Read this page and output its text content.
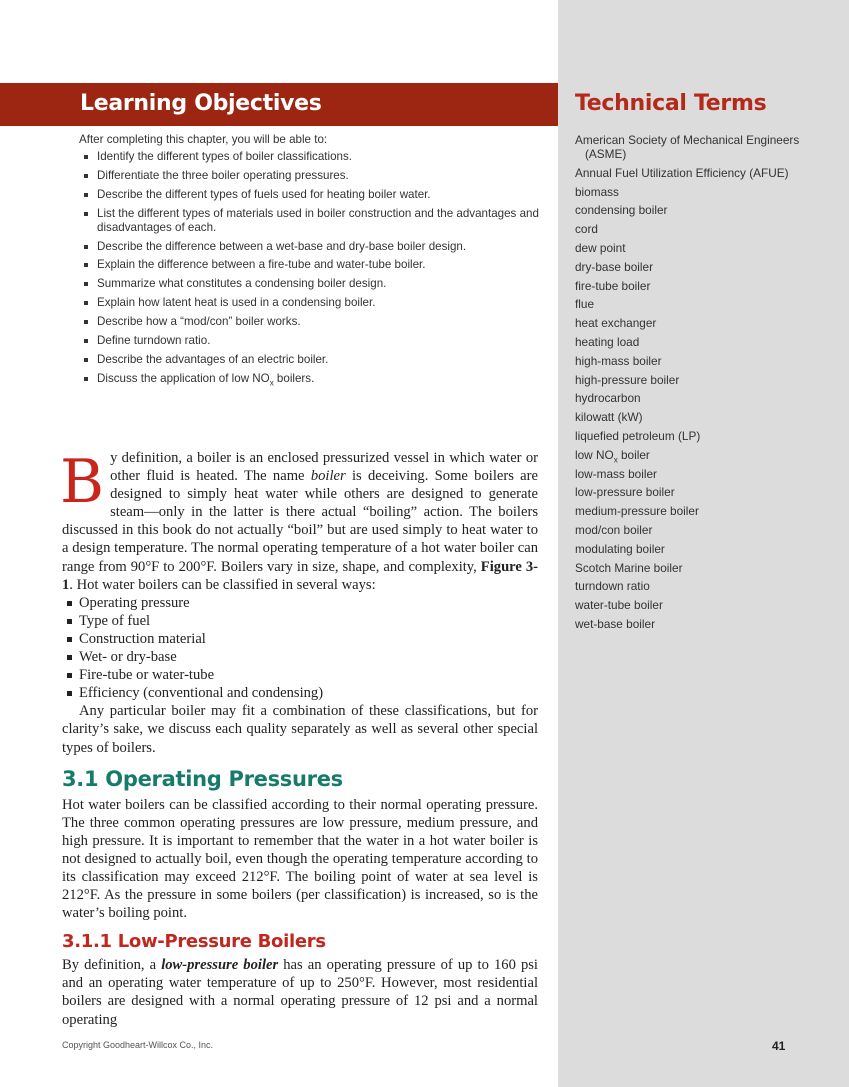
Learning Objectives	Technical Terms

After completing this chapter, you will be able to:

Identify the different types of boiler classifications.
Differentiate the three boiler operating pressures.
Describe the different types of fuels used for heating boiler water.
List the different types of materials used in boiler construction and the advantages and disadvantages of each.
Describe the difference between a wet-base and dry-base boiler design.
Explain the difference between a fire-tube and water-tube boiler.
Summarize what constitutes a condensing boiler design.
Explain how latent heat is used in a condensing boiler.
Describe how a “mod/con” boiler works.
Define turndown ratio.
Describe the advantages of an electric boiler.
Discuss the application of low $NO_x$ boilers.
American Society of Mechanical Engineers (ASME)
Annual Fuel Utilization Efficiency (AFUE)
biomass
condensing boiler
cord
dew point
dry-base boiler
fire-tube boiler
flue
heat exchanger
heating load
high-mass boiler
high-pressure boiler
hydrocarbon
kilowatt (kW)
liquefied petroleum (LP)
low $NO_x$ boiler
low-mass boiler
low-pressure boiler
medium-pressure boiler
mod/con boiler
modulating boiler
Scotch Marine boiler
turndown ratio
water-tube boiler
wet-base boiler

By definition, a boiler is an enclosed pressurized vessel in which water or other fluid is heated. The name boiler is deceiving. Some boilers are designed to simply heat water while others are designed to generate steam—only in the latter is there actual “boiling” action. The boilers discussed in this book do not actually “boil” but are used simply to heat water to a design temperature. The normal operating temperature of a hot water boiler can range from 90°F to 200°F. Boilers vary in size, shape, and complexity, Figure 3-1. Hot water boilers can be classified in several ways:

Operating pressure
Type of fuel
Construction material
Wet- or dry-base
Fire-tube or water-tube
Efficiency (conventional and condensing)

Any particular boiler may fit a combination of these classifications, but for clarity’s sake, we discuss each quality separately as well as several other special types of boilers.

3.1 Operating Pressures

Hot water boilers can be classified according to their normal operating pressure. The three common operating pressures are low pressure, medium pressure, and high pressure. It is important to remember that the water in a hot water boiler is not designed to actually boil, even though the operating temperature according to its classification may exceed 212°F. The boiling point of water at sea level is 212°F. As the pressure in some boilers (per classification) is increased, so is the water’s boiling point.

3.1.1 Low-Pressure Boilers

By definition, a low-pressure boiler has an operating pressure of up to 160 psi and an operating water temperature of up to 250°F. However, most residential boilers are designed with a normal operating pressure of 12 psi and a normal operating

Copyright Goodheart-Willcox Co., Inc.	41
